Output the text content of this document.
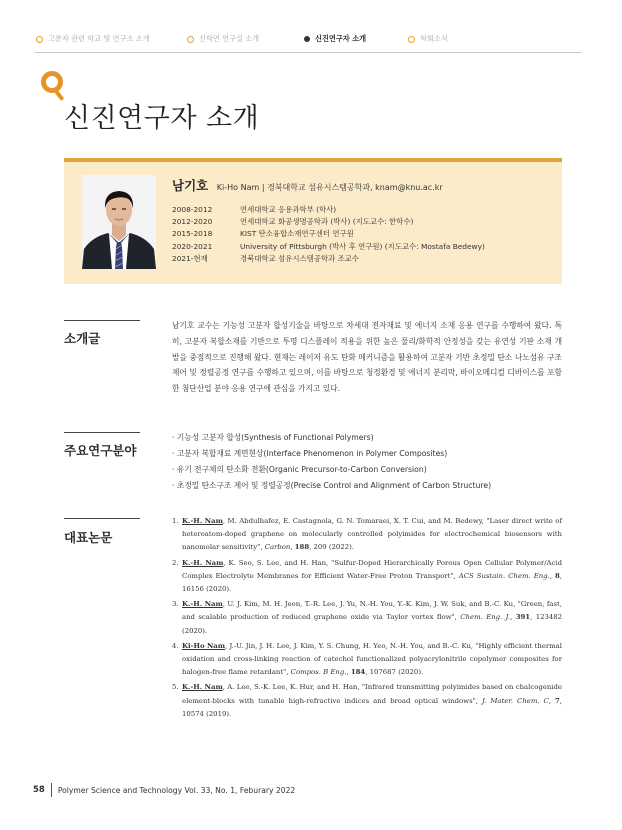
고분자 관련 학교 및 연구소 소개	신학연 연구실 소개	신진연구자 소개	학회소식
신진연구자 소개
남기호 Ki-Ho Nam | 경북대학교 섬유시스템공학과, knam@knu.ac.kr
2008-2012	연세대학교 응용과학부 (학사)
2012-2020	연세대학교 화공생명공학과 (박사) (지도교수: 한학수)
2015-2018	KIST 탄소융합소재연구센터 연구원
2020-2021	University of Pittsburgh (박사 후 연구원) (지도교수: Mostafa Bedewy)
2021-현재	경북대학교 섬유시스템공학과 조교수
소개글

남기호 교수는 기능성 고분자 합성기술을 바탕으로 차세대 전자재료 및 에너지 소재 응용 연구를 수행하여 왔다. 특히, 고분자 복합소재를 기반으로 투명 디스플레이 적용을 위한 높은 물리/화학적 안정성을 갖는 유연성 기판 소재 개발을 중점적으로 진행해 왔다. 현재는 레이저 유도 탄화 메커니즘을 활용하여 고분자 기반 초정밀 탄소 나노섬유 구조제어 및 정렬공정 연구를 수행하고 있으며, 이를 바탕으로 청정환경 및 에너지 분리막, 바이오메디컬 디바이스를 포함한 첨단산업 분야 응용 연구에 관심을 가지고 있다.

주요연구분야
· 기능성 고분자 합성(Synthesis of Functional Polymers)
· 고분자 복합재료 계면현상(Interface Phenomenon in Polymer Composites)
· 유기 전구체의 탄소화 전환(Organic Precursor-to-Carbon Conversion)
· 초정밀 탄소구조 제어 및 정렬공정(Precise Control and Alignment of Carbon Structure)
대표논문
1. K.-H. Nam, M. Abdulhafez, E. Castagnola, G. N. Tomaraei, X. T. Cui, and M. Bedewy, "Laser direct write of heteroatom-doped graphene on molecularly controlled polyimides for electrochemical biosensors with nanomolar sensitivity", Carbon, 188, 209 (2022).
2. K.-H. Nam, K. Seo, S. Lee, and H. Han, "Sulfur-Doped Hierarchically Porous Open Cellular Polymer/Acid Complex Electrolyte Membranes for Efficient Water-Free Proton Transport", ACS Sustain. Chem. Eng., 8, 16156 (2020).
3. K.-H. Nam, U. J. Kim, M. H. Jeon, T.-R. Lee, J. Yu, N.-H. You, Y.-K. Kim, J. W. Suk, and B.-C. Ku, "Green, fast, and scalable production of reduced graphene oxide via Taylor vortex flow", Chem. Eng. J., 391, 123482 (2020).
4. Ki-Ho Nam, J.-U. Jin, J. H. Lee, J. Kim, Y. S. Chung, H. Yeo, N.-H. You, and B.-C. Ku, "Highly efficient thermal oxidation and cross-linking reaction of catechol functionalized polyacrylonitrile copolymer composites for halogen-free flame retardant", Compos. B Eng., 184, 107687 (2020).
5. K.-H. Nam, A. Lee, S.-K. Lee, K. Hur, and H. Han, "Infrared transmitting polyimides based on chalcogenide element-blocks with tunable high-refractive indices and broad optical windows", J. Mater. Chem. C, 7, 10574 (2019).
58 Polymer Science and Technology Vol. 33, No. 1, Feburary 2022
